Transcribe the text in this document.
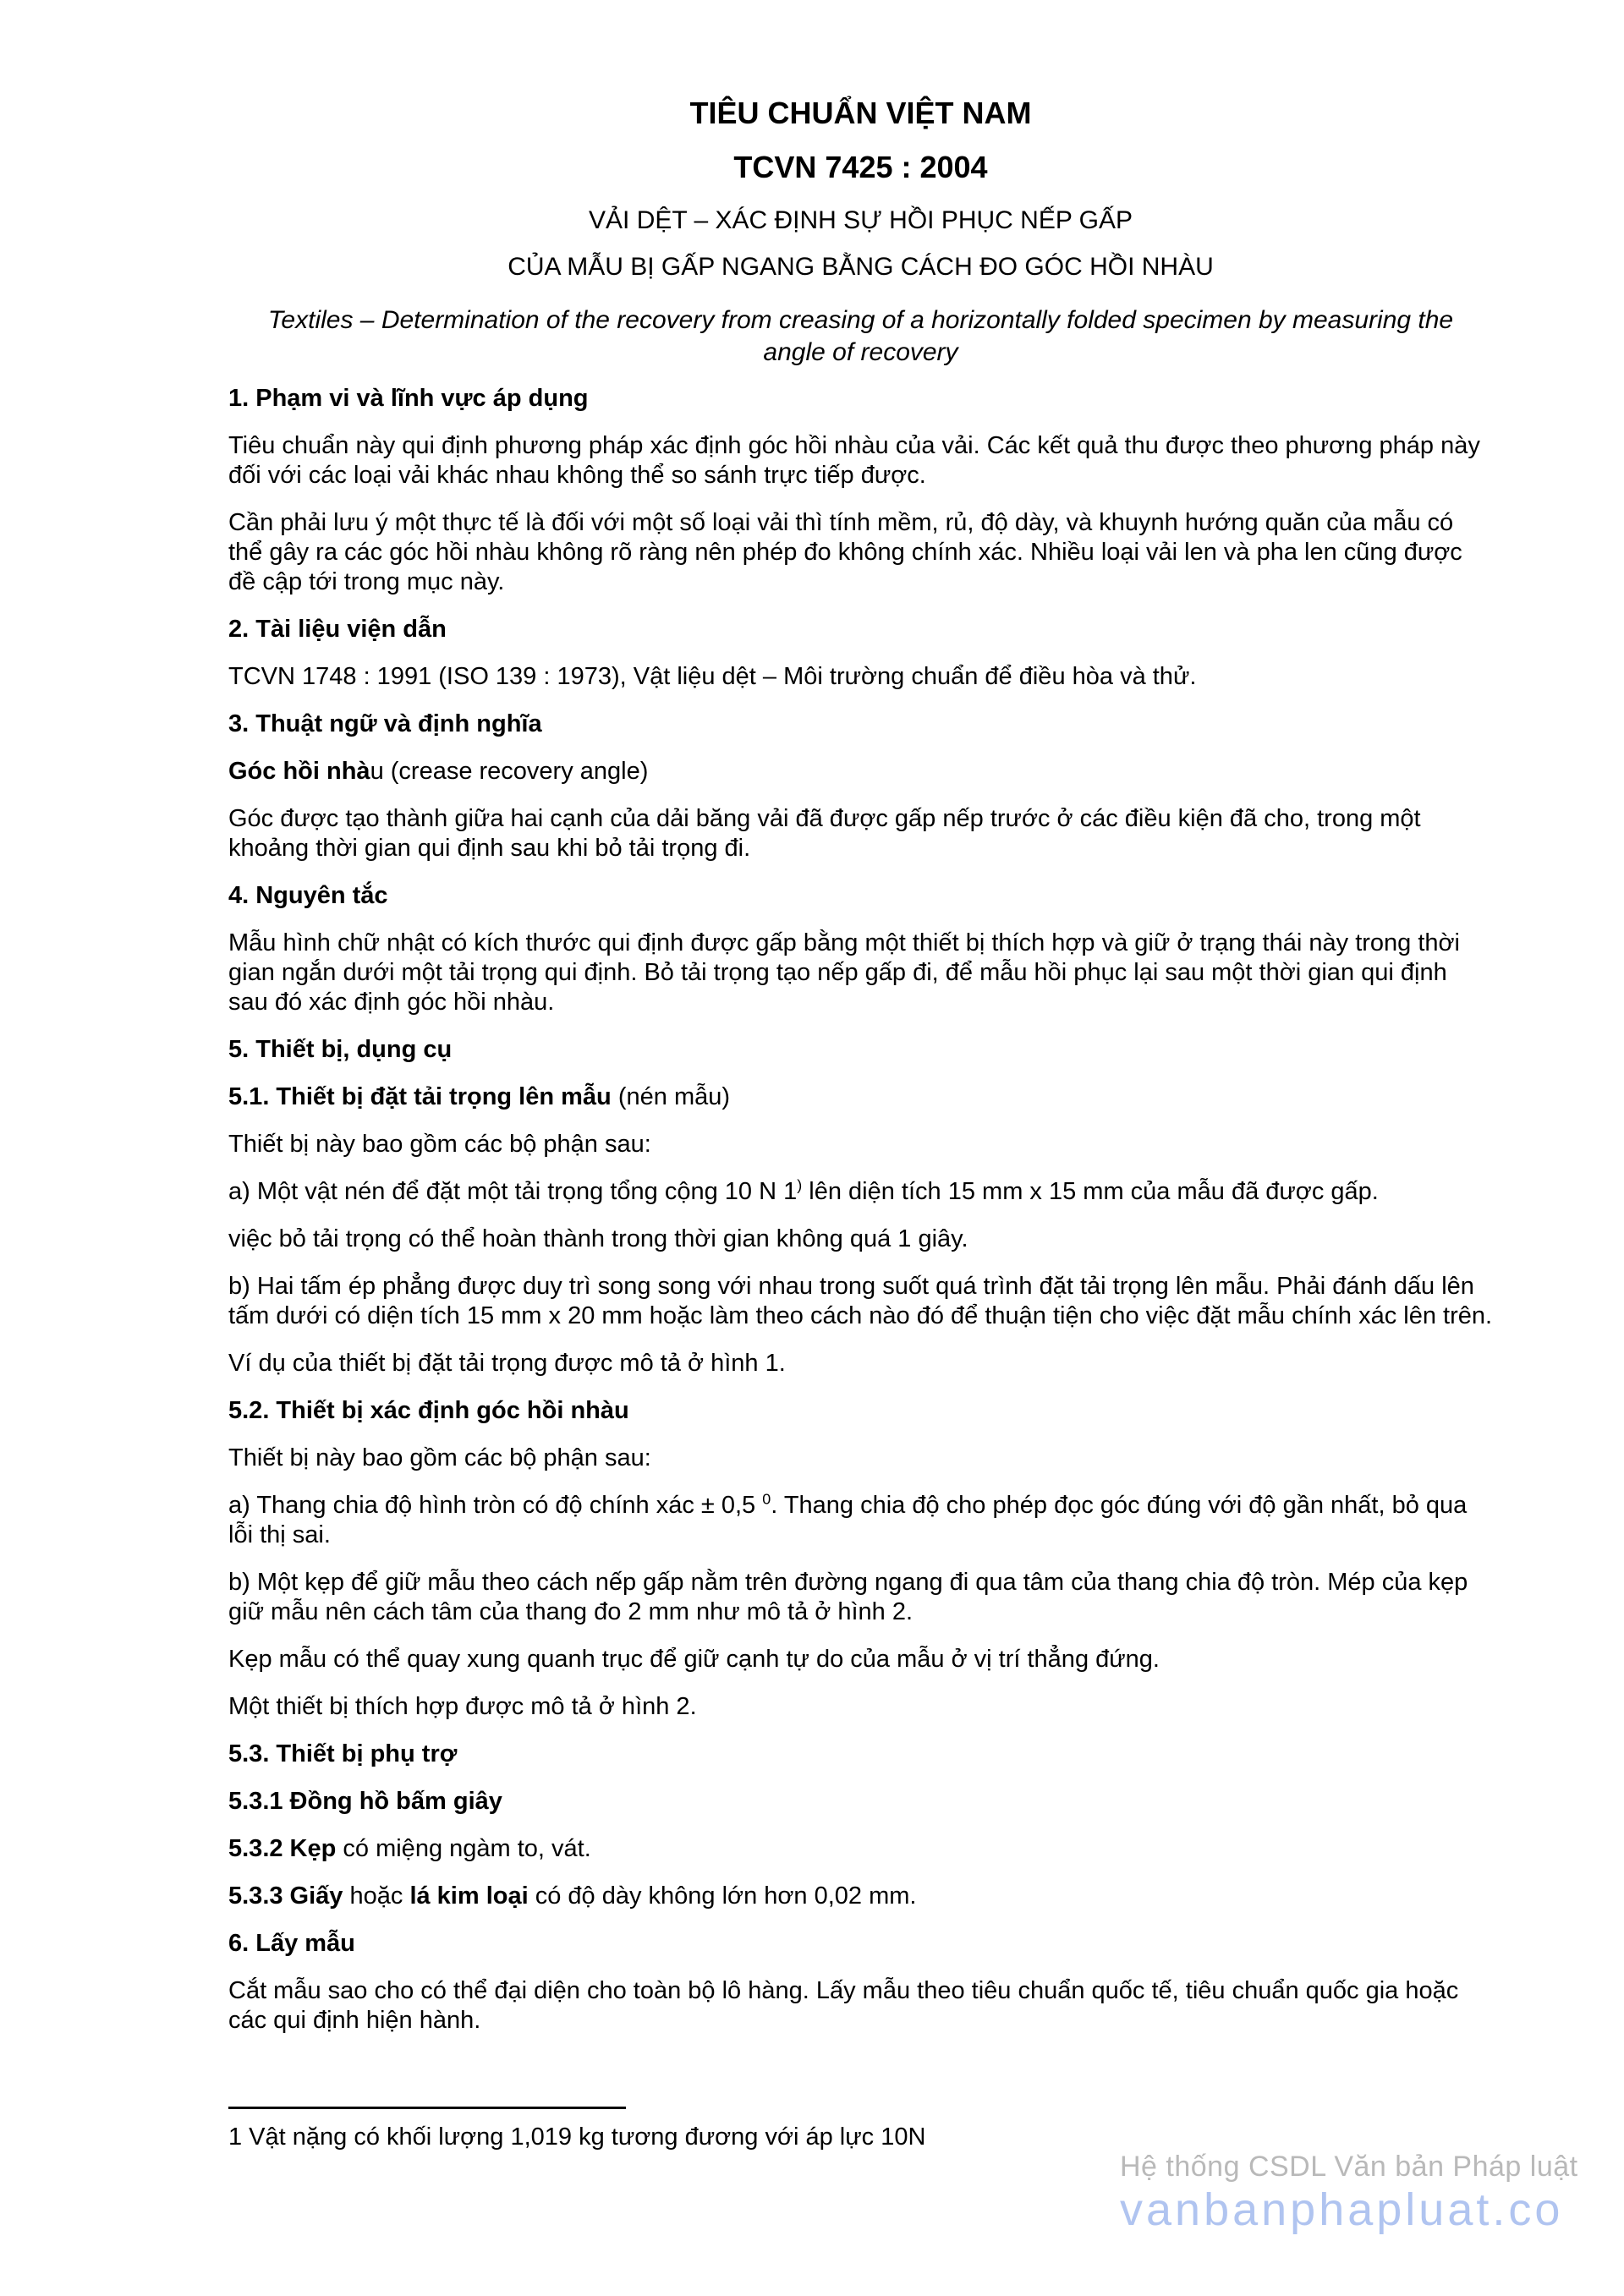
TIÊU CHUẨN VIỆT NAM
TCVN 7425 : 2004
VẢI DỆT – XÁC ĐỊNH SỰ HỒI PHỤC NẾP GẤP
CỦA MẪU BỊ GẤP NGANG BẰNG CÁCH ĐO GÓC HỒI NHÀU
Textiles – Determination of the recovery from creasing of a horizontally folded specimen by measuring the angle of recovery
1. Phạm vi và lĩnh vực áp dụng
Tiêu chuẩn này qui định phương pháp xác định góc hồi nhàu của vải. Các kết quả thu được theo phương pháp này đối với các loại vải khác nhau không thể so sánh trực tiếp được.
Cần phải lưu ý một thực tế là đối với một số loại vải thì tính mềm, rủ, độ dày, và khuynh hướng quăn của mẫu có thể gây ra các góc hồi nhàu không rõ ràng nên phép đo không chính xác. Nhiều loại vải len và pha len cũng được đề cập tới trong mục này.
2. Tài liệu viện dẫn
TCVN 1748 : 1991 (ISO 139 : 1973), Vật liệu dệt – Môi trường chuẩn để điều hòa và thử.
3. Thuật ngữ và định nghĩa
Góc hồi nhàu (crease recovery angle)
Góc được tạo thành giữa hai cạnh của dải băng vải đã được gấp nếp trước ở các điều kiện đã cho, trong một khoảng thời gian qui định sau khi bỏ tải trọng đi.
4. Nguyên tắc
Mẫu hình chữ nhật có kích thước qui định được gấp bằng một thiết bị thích hợp và giữ ở trạng thái này trong thời gian ngắn dưới một tải trọng qui định. Bỏ tải trọng tạo nếp gấp đi, để mẫu hồi phục lại sau một thời gian qui định sau đó xác định góc hồi nhàu.
5. Thiết bị, dụng cụ
5.1. Thiết bị đặt tải trọng lên mẫu (nén mẫu)
Thiết bị này bao gồm các bộ phận sau:
a) Một vật nén để đặt một tải trọng tổng cộng 10 N 1) lên diện tích 15 mm x 15 mm của mẫu đã được gấp.
việc bỏ tải trọng có thể hoàn thành trong thời gian không quá 1 giây.
b) Hai tấm ép phẳng được duy trì song song với nhau trong suốt quá trình đặt tải trọng lên mẫu. Phải đánh dấu lên tấm dưới có diện tích 15 mm x 20 mm hoặc làm theo cách nào đó để thuận tiện cho việc đặt mẫu chính xác lên trên.
Ví dụ của thiết bị đặt tải trọng được mô tả ở hình 1.
5.2. Thiết bị xác định góc hồi nhàu
Thiết bị này bao gồm các bộ phận sau:
a) Thang chia độ hình tròn có độ chính xác ± 0,5 $^0$. Thang chia độ cho phép đọc góc đúng với độ gần nhất, bỏ qua lỗi thị sai.
b) Một kẹp để giữ mẫu theo cách nếp gấp nằm trên đường ngang đi qua tâm của thang chia độ tròn. Mép của kẹp giữ mẫu nên cách tâm của thang đo 2 mm như mô tả ở hình 2.
Kẹp mẫu có thể quay xung quanh trục để giữ cạnh tự do của mẫu ở vị trí thẳng đứng.
Một thiết bị thích hợp được mô tả ở hình 2.
5.3. Thiết bị phụ trợ
5.3.1 Đồng hồ bấm giây
5.3.2 Kẹp có miệng ngàm to, vát.
5.3.3 Giấy hoặc lá kim loại có độ dày không lớn hơn 0,02 mm.
6. Lấy mẫu
Cắt mẫu sao cho có thể đại diện cho toàn bộ lô hàng. Lấy mẫu theo tiêu chuẩn quốc tế, tiêu chuẩn quốc gia hoặc các qui định hiện hành.
1 Vật nặng có khối lượng 1,019 kg tương đương với áp lực 10N
Hệ thống CSDL Văn bản Pháp luật
vanbanphapluat.co
